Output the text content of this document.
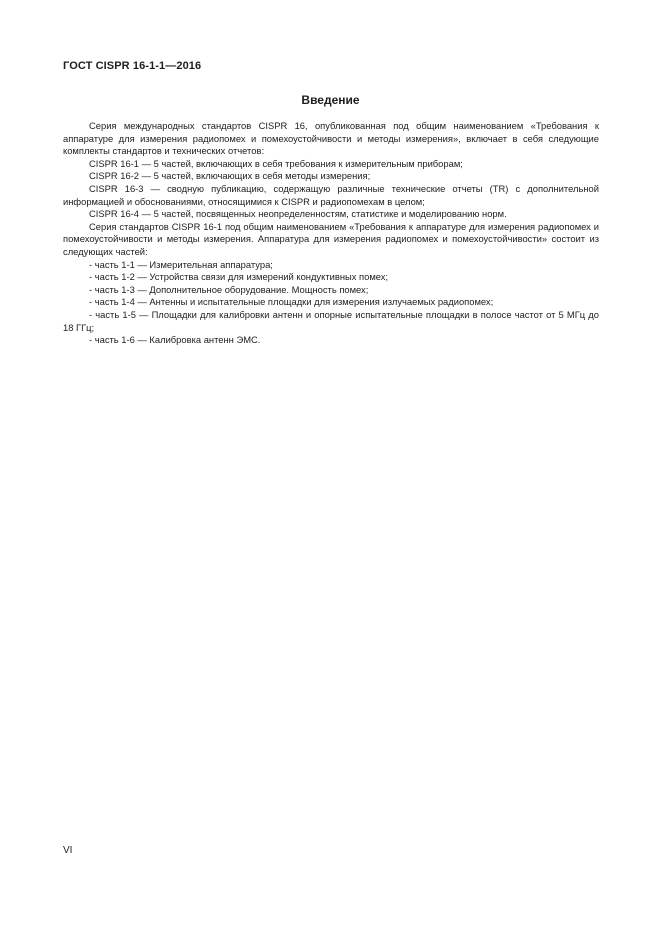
ГОСТ CISPR 16-1-1—2016
Введение

Серия международных стандартов CISPR 16, опубликованная под общим наименованием «Требования к аппаратуре для измерения радиопомех и помехоустойчивости и методы измерения», включает в себя следующие комплекты стандартов и технических отчетов:

CISPR 16-1 — 5 частей, включающих в себя требования к измерительным приборам;

CISPR 16-2 — 5 частей, включающих в себя методы измерения;

CISPR 16-3 — сводную публикацию, содержащую различные технические отчеты (TR) с дополнительной информацией и обоснованиями, относящимися к CISPR и радиопомехам в целом;

CISPR 16-4 — 5 частей, посвященных неопределенностям, статистике и моделированию норм.

Серия стандартов CISPR 16-1 под общим наименованием «Требования к аппаратуре для измерения радиопомех и помехоустойчивости и методы измерения. Аппаратура для измерения радиопомех и помехоустойчивости» состоит из следующих частей:

- часть 1-1 — Измерительная аппаратура;

- часть 1-2 — Устройства связи для измерений кондуктивных помех;

- часть 1-3 — Дополнительное оборудование. Мощность помех;

- часть 1-4 — Антенны и испытательные площадки для измерения излучаемых радиопомех;

- часть 1-5 — Площадки для калибровки антенн и опорные испытательные площадки в полосе частот от 5 МГц до 18 ГГц;

- часть 1-6 — Калибровка антенн ЭМС.

VI
